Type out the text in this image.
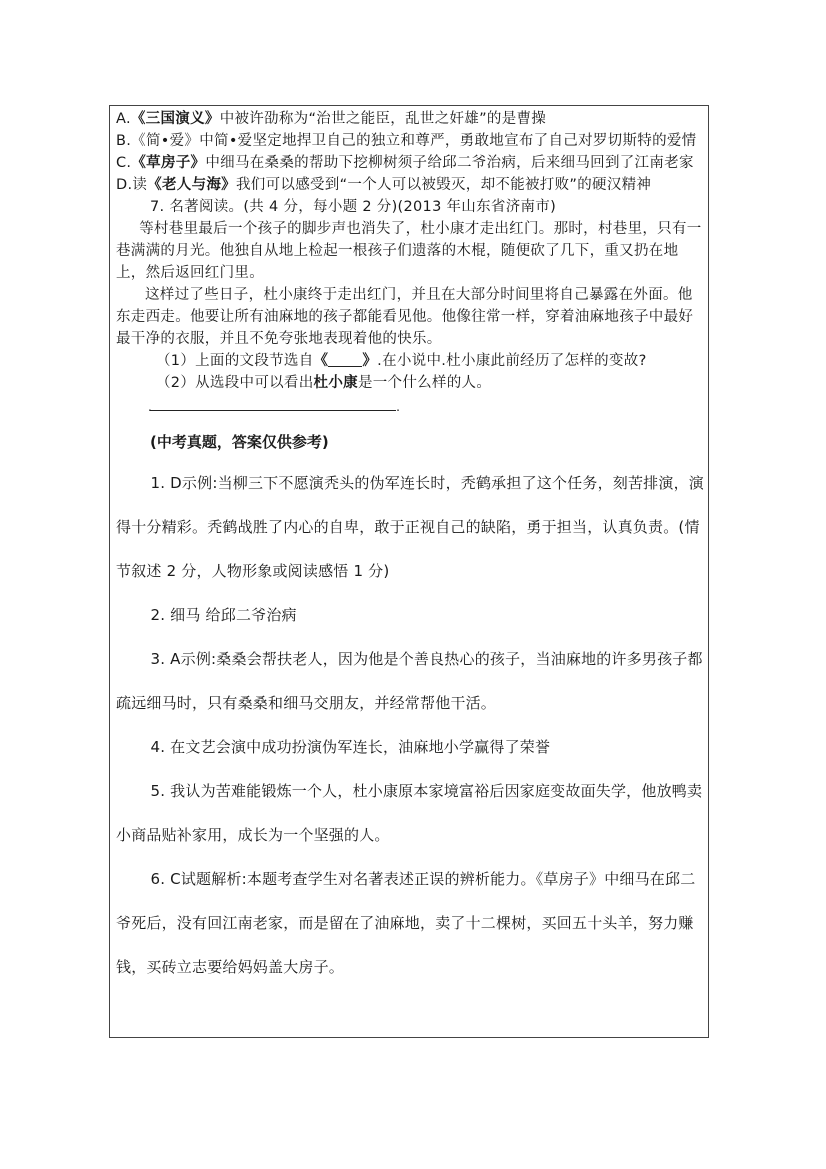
A.《三国演义》中被许劭称为“治世之能臣，乱世之奸雄”的是曹操

B.《简•爱》中简•爱坚定地捍卫自己的独立和尊严，勇敢地宣布了自己对罗切斯特的爱情

C.《草房子》中细马在桑桑的帮助下挖柳树须子给邱二爷治病，后来细马回到了江南老家

D.读《老人与海》我们可以感受到“一个人可以被毁灭，却不能被打败”的硬汉精神

7. 名著阅读。(共 4 分，每小题 2 分)(2013 年山东省济南市)

等村巷里最后一个孩子的脚步声也消失了，杜小康才走出红门。那时，村巷里，只有一巷满满的月光。他独自从地上检起一根孩子们遗落的木棍，随便砍了几下，重又扔在地上，然后返回红门里。

这样过了些日子，杜小康终于走出红门，并且在大部分时间里将自己暴露在外面。他东走西走。他要让所有油麻地的孩子都能看见他。他像往常一样，穿着油麻地孩子中最好最干净的衣服，并且不免夸张地表现着他的快乐。

（1）上面的文段节选自《 》.在小说中.杜小康此前经历了怎样的变故?

（2）从选段中可以看出杜小康是一个什么样的人。

.	.

(中考真题，答案仅供参考)

1. D示例:当柳三下不愿演秃头的伪军连长时，秃鹤承担了这个任务，刻苦排演，演得十分精彩。秃鹤战胜了内心的自卑，敢于正视自己的缺陷，勇于担当，认真负责。(情节叙述 2 分，人物形象或阅读感悟 1 分)

2. 细马 给邱二爷治病

3. A示例:桑桑会帮扶老人，因为他是个善良热心的孩子，当油麻地的许多男孩子都疏远细马时，只有桑桑和细马交朋友，并经常帮他干活。

4. 在文艺会演中成功扮演伪军连长，油麻地小学赢得了荣誉

5. 我认为苦难能锻炼一个人，杜小康原本家境富裕后因家庭变故面失学，他放鸭卖小商品贴补家用，成长为一个坚强的人。

6. C试题解析:本题考查学生对名著表述正误的辨析能力。《草房子》中细马在邱二爷死后，没有回江南老家，而是留在了油麻地，卖了十二棵树，买回五十头羊，努力赚钱，买砖立志要给妈妈盖大房子。
